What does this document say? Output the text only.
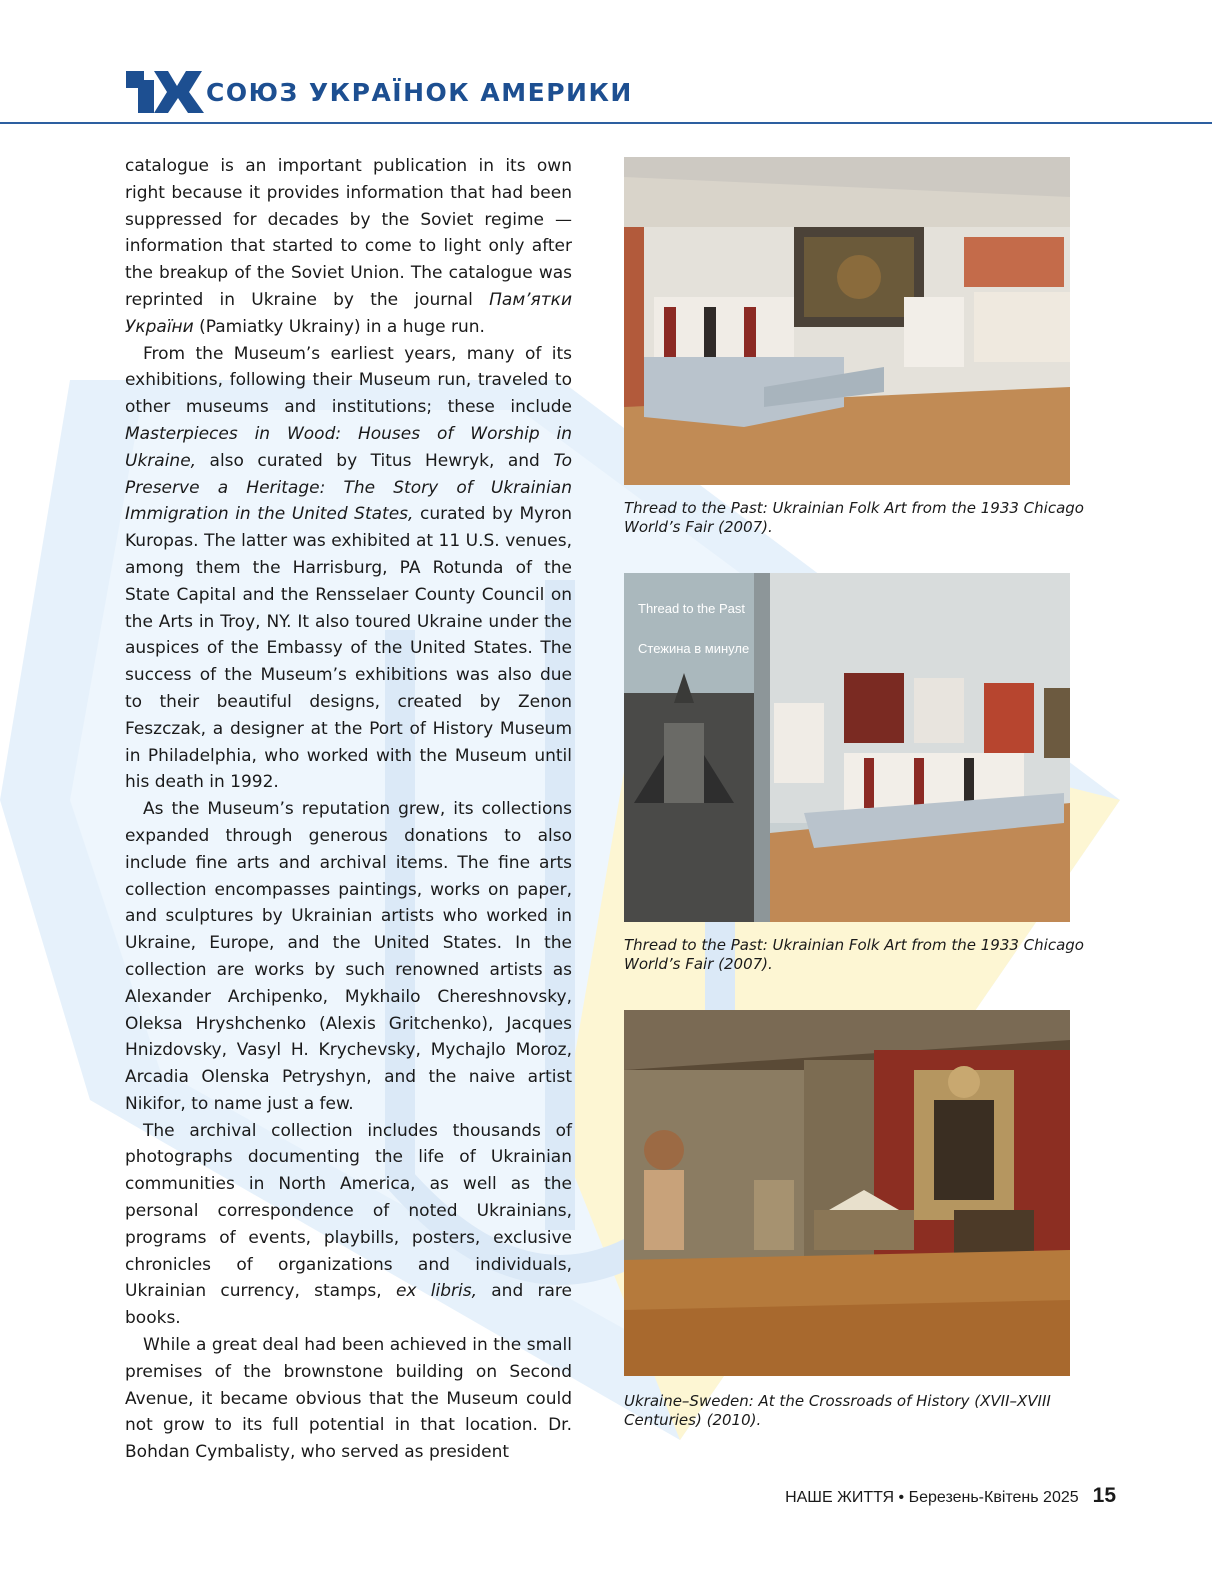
СОЮЗ УКРАЇНОК АМЕРИКИ

catalogue is an important publication in its own right because it provides information that had been suppressed for decades by the Soviet regime — information that started to come to light only after the breakup of the Soviet Union. The catalogue was reprinted in Ukraine by the journal Пам’ятки України (Pamiatky Ukrainy) in a huge run.

From the Museum’s earliest years, many of its exhibitions, following their Museum run, traveled to other museums and institutions; these include Masterpieces in Wood: Houses of Worship in Ukraine, also curated by Titus Hewryk, and To Preserve a Heritage: The Story of Ukrainian Immigration in the United States, curated by Myron Kuropas. The latter was exhibited at 11 U.S. venues, among them the Harrisburg, PA Rotunda of the State Capital and the Rensselaer County Council on the Arts in Troy, NY. It also toured Ukraine under the auspices of the Embassy of the United States. The success of the Museum’s exhibitions was also due to their beautiful designs, created by Zenon Feszczak, a designer at the Port of History Museum in Philadelphia, who worked with the Museum until his death in 1992.

As the Museum’s reputation grew, its collections expanded through generous donations to also include fine arts and archival items. The fine arts collection encompasses paintings, works on paper, and sculptures by Ukrainian artists who worked in Ukraine, Europe, and the United States. In the collection are works by such renowned artists as Alexander Archipenko, Mykhailo Chereshnovsky, Oleksa Hryshchenko (Alexis Gritchenko), Jacques Hnizdovsky, Vasyl H. Krychevsky, Mychajlo Moroz, Arcadia Olenska Petryshyn, and the naive artist Nikifor, to name just a few.

The archival collection includes thousands of photographs documenting the life of Ukrainian communities in North America, as well as the personal correspondence of noted Ukrainians, programs of events, playbills, posters, exclusive chronicles of organizations and individuals, Ukrainian currency, stamps, ex libris, and rare books.

While a great deal had been achieved in the small premises of the brownstone building on Second Avenue, it became obvious that the Museum could not grow to its full potential in that location. Dr. Bohdan Cymbalisty, who served as president

Thread to the Past: Ukrainian Folk Art from the 1933 Chicago World’s Fair (2007).

Thread to the Past
Стежина в минуле

Thread to the Past: Ukrainian Folk Art from the 1933 Chicago World’s Fair (2007).

Ukraine–Sweden: At the Crossroads of History (XVII–XVIII Centuries) (2010).

НАШЕ ЖИТТЯ • Березень-Квітень 2025 15
